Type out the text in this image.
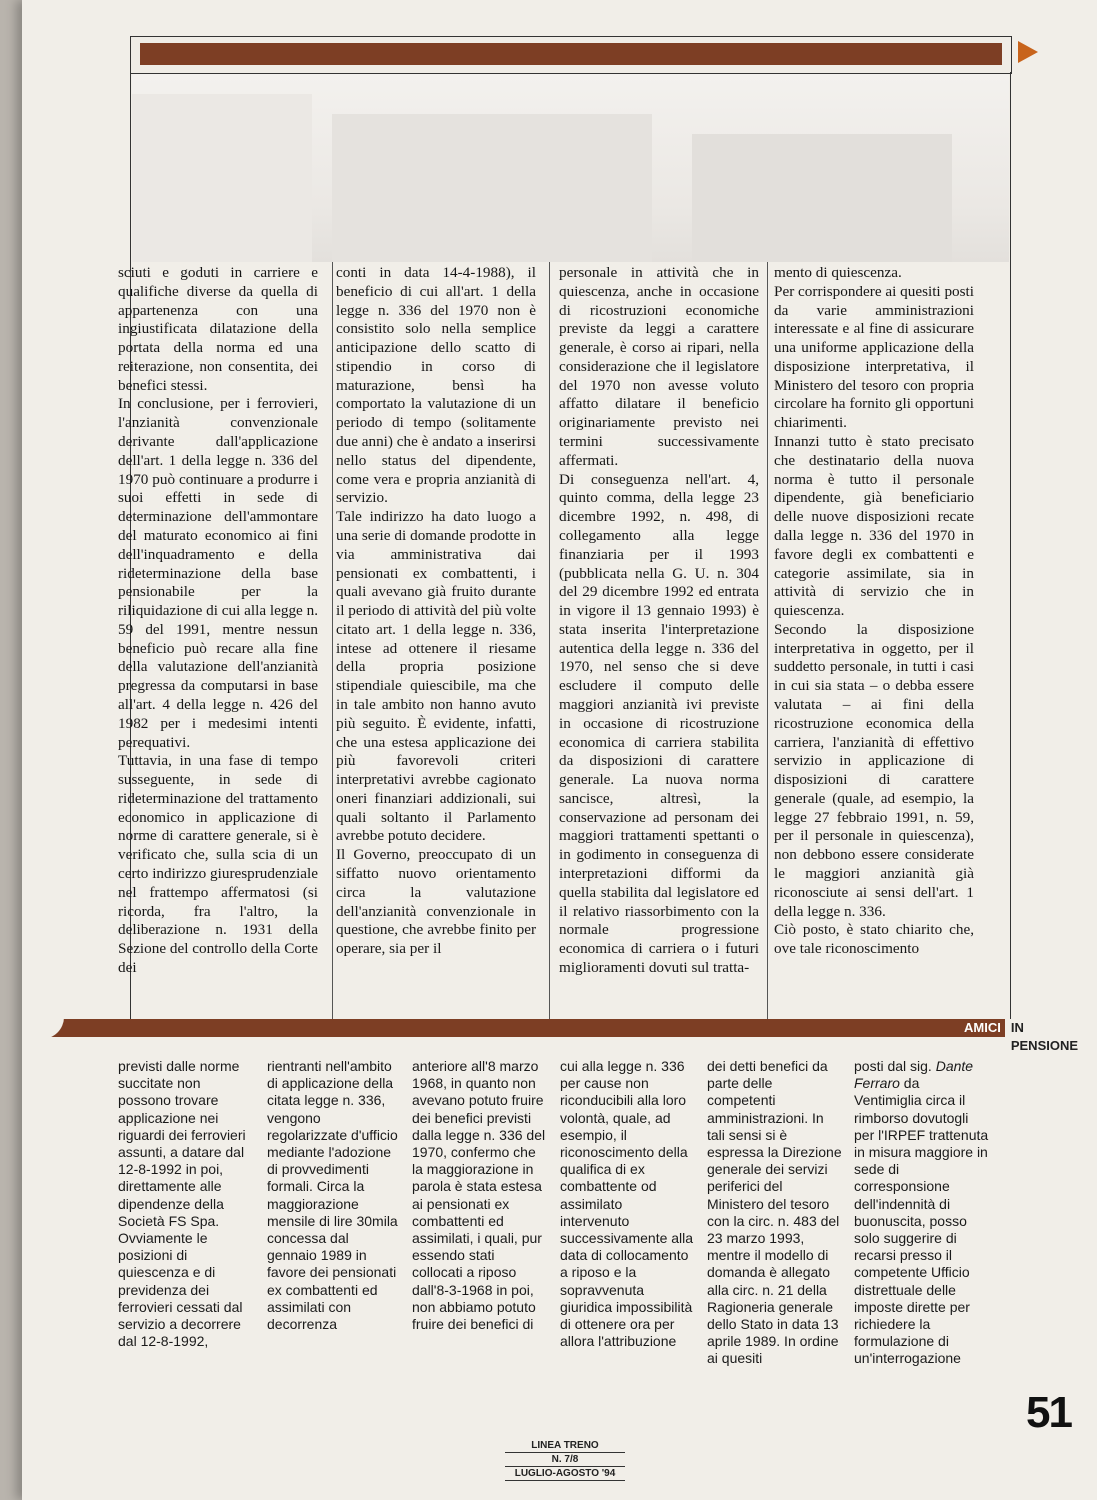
sciuti e goduti in carriere e qualifiche diverse da quella di appartenenza con una ingiustificata dilatazione della portata della norma ed una reiterazione, non consentita, dei benefici stessi.

In conclusione, per i ferrovieri, l'anzianità convenzionale derivante dall'applicazione dell'art. 1 della legge n. 336 del 1970 può continuare a produrre i suoi effetti in sede di determinazione dell'ammontare del maturato economico ai fini dell'inquadramento e della rideterminazione della base pensionabile per la riliquidazione di cui alla legge n. 59 del 1991, mentre nessun beneficio può recare alla fine della valutazione dell'anzianità pregressa da computarsi in base all'art. 4 della legge n. 426 del 1982 per i medesimi intenti perequativi.

Tuttavia, in una fase di tempo susseguente, in sede di rideterminazione del trattamento economico in applicazione di norme di carattere generale, si è verificato che, sulla scia di un certo indirizzo giuresprudenziale nel frattempo affermatosi (si ricorda, fra l'altro, la deliberazione n. 1931 della Sezione del controllo della Corte dei

conti in data 14-4-1988), il beneficio di cui all'art. 1 della legge n. 336 del 1970 non è consistito solo nella semplice anticipazione dello scatto di stipendio in corso di maturazione, bensì ha comportato la valutazione di un periodo di tempo (solitamente due anni) che è andato a inserirsi nello status del dipendente, come vera e propria anzianità di servizio.

Tale indirizzo ha dato luogo a una serie di domande prodotte in via amministrativa dai pensionati ex combattenti, i quali avevano già fruito durante il periodo di attività del più volte citato art. 1 della legge n. 336, intese ad ottenere il riesame della propria posizione stipendiale quiescibile, ma che in tale ambito non hanno avuto più seguito. È evidente, infatti, che una estesa applicazione dei più favorevoli criteri interpretativi avrebbe cagionato oneri finanziari addizionali, sui quali soltanto il Parlamento avrebbe potuto decidere.

Il Governo, preoccupato di un siffatto nuovo orientamento circa la valutazione dell'anzianità convenzionale in questione, che avrebbe finito per operare, sia per il

personale in attività che in quiescenza, anche in occasione di ricostruzioni economiche previste da leggi a carattere generale, è corso ai ripari, nella considerazione che il legislatore del 1970 non avesse voluto affatto dilatare il beneficio originariamente previsto nei termini successivamente affermati.

Di conseguenza nell'art. 4, quinto comma, della legge 23 dicembre 1992, n. 498, di collegamento alla legge finanziaria per il 1993 (pubblicata nella G. U. n. 304 del 29 dicembre 1992 ed entrata in vigore il 13 gennaio 1993) è stata inserita l'interpretazione autentica della legge n. 336 del 1970, nel senso che si deve escludere il computo delle maggiori anzianità ivi previste in occasione di ricostruzione economica di carriera stabilita da disposizioni di carattere generale. La nuova norma sancisce, altresì, la conservazione ad personam dei maggiori trattamenti spettanti o in godimento in conseguenza di interpretazioni difformi da quella stabilita dal legislatore ed il relativo riassorbimento con la normale progressione economica di carriera o i futuri miglioramenti dovuti sul tratta-

mento di quiescenza.

Per corrispondere ai quesiti posti da varie amministrazioni interessate e al fine di assicurare una uniforme applicazione della disposizione interpretativa, il Ministero del tesoro con propria circolare ha fornito gli opportuni chiarimenti.

Innanzi tutto è stato precisato che destinatario della nuova norma è tutto il personale dipendente, già beneficiario delle nuove disposizioni recate dalla legge n. 336 del 1970 in favore degli ex combattenti e categorie assimilate, sia in attività di servizio che in quiescenza.

Secondo la disposizione interpretativa in oggetto, per il suddetto personale, in tutti i casi in cui sia stata – o debba essere valutata – ai fini della ricostruzione economica della carriera, l'anzianità di effettivo servizio in applicazione di disposizioni di carattere generale (quale, ad esempio, la legge 27 febbraio 1991, n. 59, per il personale in quiescenza), non debbono essere considerate le maggiori anzianità già riconosciute ai sensi dell'art. 1 della legge n. 336.

Ciò posto, è stato chiarito che, ove tale riconoscimento

AMICI IN PENSIONE

previsti dalle norme succitate non possono trovare applicazione nei riguardi dei ferrovieri assunti, a datare dal 12-8-1992 in poi, direttamente alle dipendenze della Società FS Spa. Ovviamente le posizioni di quiescenza e di previdenza dei ferrovieri cessati dal servizio a decorrere dal 12-8-1992,

rientranti nell'ambito di applicazione della citata legge n. 336, vengono regolarizzate d'ufficio mediante l'adozione di provvedimenti formali. Circa la maggiorazione mensile di lire 30mila concessa dal gennaio 1989 in favore dei pensionati ex combattenti ed assimilati con decorrenza

anteriore all'8 marzo 1968, in quanto non avevano potuto fruire dei benefici previsti dalla legge n. 336 del 1970, confermo che la maggiorazione in parola è stata estesa ai pensionati ex combattenti ed assimilati, i quali, pur essendo stati collocati a riposo dall'8-3-1968 in poi, non abbiamo potuto fruire dei benefici di

cui alla legge n. 336 per cause non riconducibili alla loro volontà, quale, ad esempio, il riconoscimento della qualifica di ex combattente od assimilato intervenuto successivamente alla data di collocamento a riposo e la sopravvenuta giuridica impossibilità di ottenere ora per allora l'attribuzione

dei detti benefici da parte delle competenti amministrazioni. In tali sensi si è espressa la Direzione generale dei servizi periferici del Ministero del tesoro con la circ. n. 483 del 23 marzo 1993, mentre il modello di domanda è allegato alla circ. n. 21 della Ragioneria generale dello Stato in data 13 aprile 1989. In ordine ai quesiti

posti dal sig. Dante Ferraro da Ventimiglia circa il rimborso dovutogli per l'IRPEF trattenuta in misura maggiore in sede di corresponsione dell'indennità di buonuscita, posso solo suggerire di recarsi presso il competente Ufficio distrettuale delle imposte dirette per richiedere la formulazione di un'interrogazione

51
LINEA TRENO
N. 7/8
LUGLIO-AGOSTO '94
